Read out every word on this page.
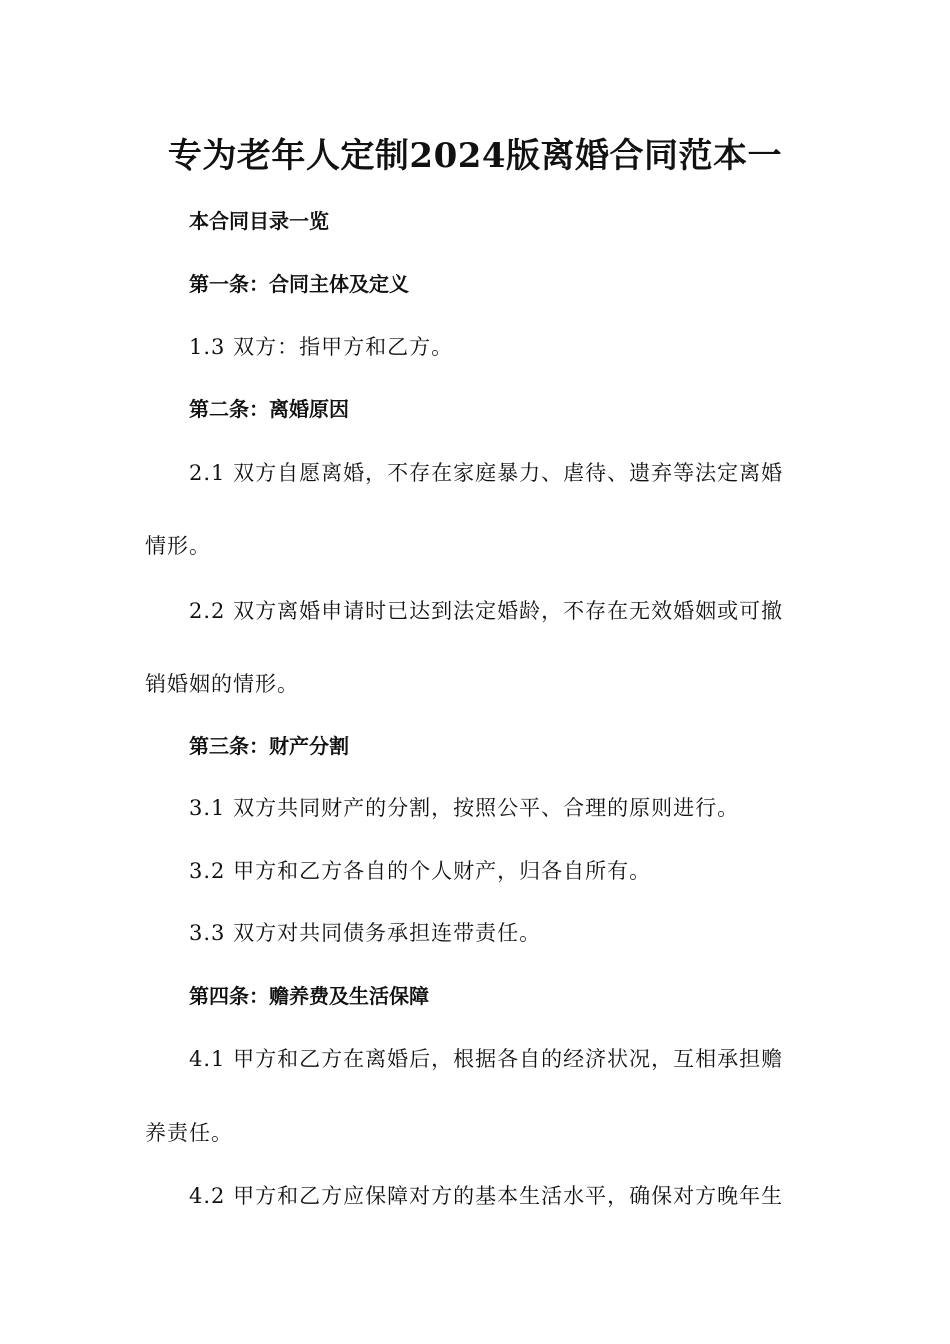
专为老年人定制2024版离婚合同范本一
本合同目录一览
第一条：合同主体及定义
1.3 双方：指甲方和乙方。
第二条：离婚原因
2.1 双方自愿离婚，不存在家庭暴力、虐待、遗弃等法定离婚
情形。
2.2 双方离婚申请时已达到法定婚龄，不存在无效婚姻或可撤
销婚姻的情形。
第三条：财产分割
3.1 双方共同财产的分割，按照公平、合理的原则进行。
3.2 甲方和乙方各自的个人财产，归各自所有。
3.3 双方对共同债务承担连带责任。
第四条：赡养费及生活保障
4.1 甲方和乙方在离婚后，根据各自的经济状况，互相承担赡
养责任。
4.2 甲方和乙方应保障对方的基本生活水平，确保对方晚年生
